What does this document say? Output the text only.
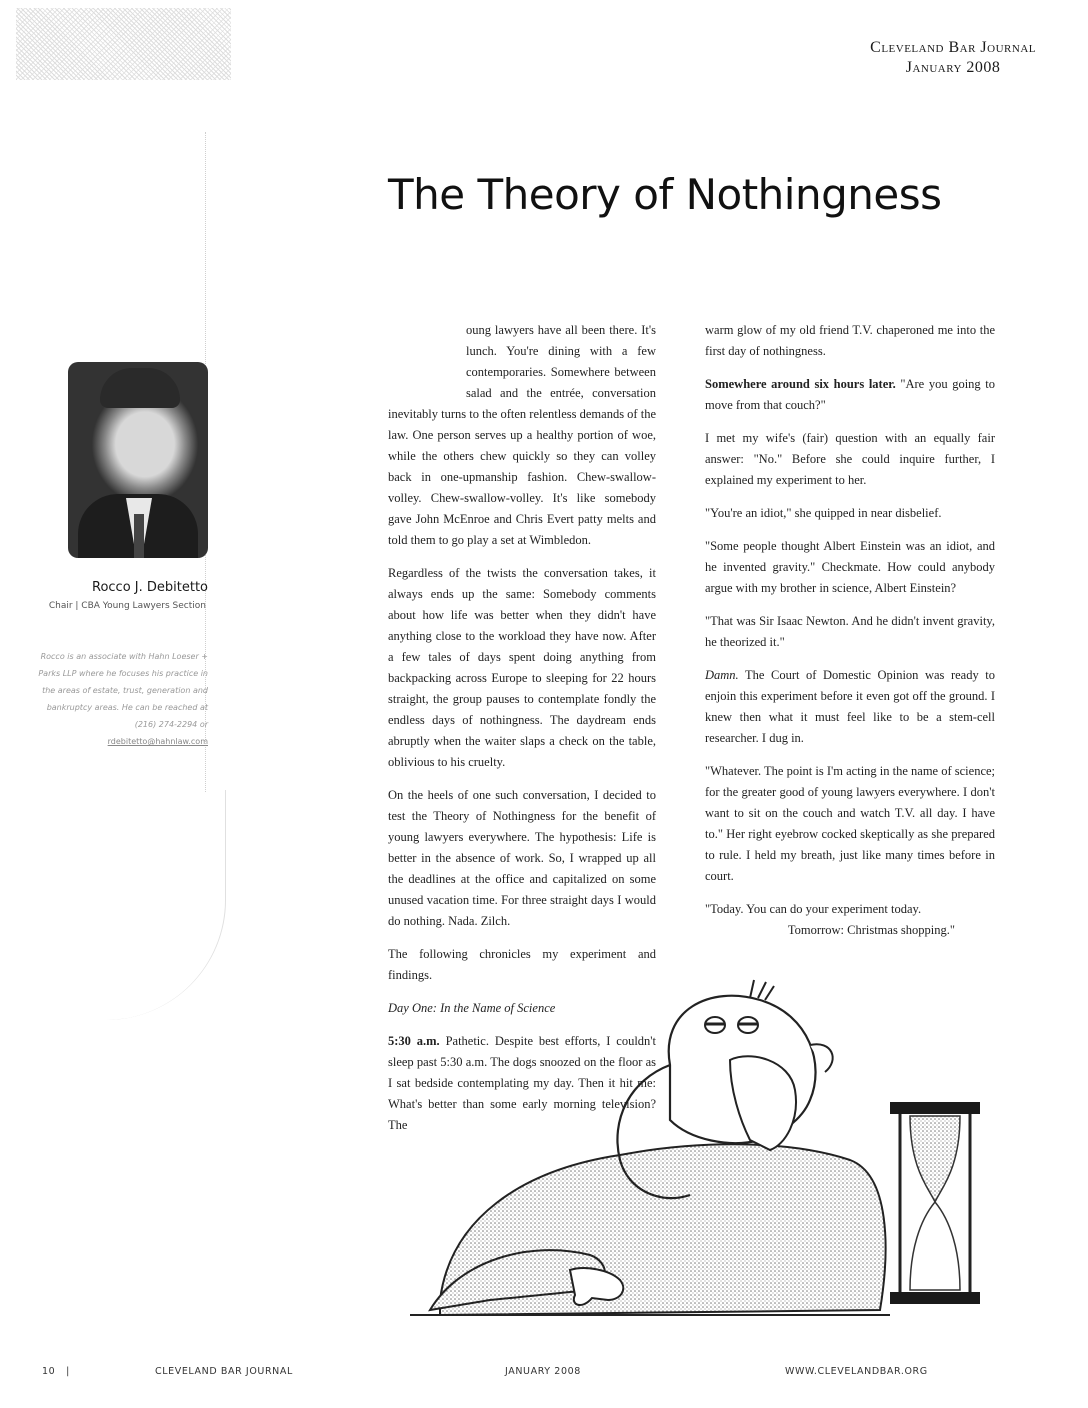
Cleveland Bar Journal
January 2008
The Theory of Nothingness
Rocco J. Debitetto
Chair | CBA Young Lawyers Section
Rocco is an associate with Hahn Loeser + Parks LLP where he focuses his practice in the areas of estate, trust, generation and bankruptcy areas. He can be reached at (216) 274-2294 or rdebitetto@hahnlaw.com

oung lawyers have all been there. It's lunch. You're dining with a few contemporaries. Somewhere between salad and the entrée, conversation inevitably turns to the often relentless demands of the law. One person serves up a healthy portion of woe, while the others chew quickly so they can volley back in one-upmanship fashion. Chew-swallow-volley. Chew-swallow-volley. It's like somebody gave John McEnroe and Chris Evert patty melts and told them to go play a set at Wimbledon.

Regardless of the twists the conversation takes, it always ends up the same: Somebody comments about how life was better when they didn't have anything close to the workload they have now. After a few tales of days spent doing anything from backpacking across Europe to sleeping for 22 hours straight, the group pauses to contemplate fondly the endless days of nothingness. The daydream ends abruptly when the waiter slaps a check on the table, oblivious to his cruelty.

On the heels of one such conversation, I decided to test the Theory of Nothingness for the benefit of young lawyers everywhere. The hypothesis: Life is better in the absence of work. So, I wrapped up all the deadlines at the office and capitalized on some unused vacation time. For three straight days I would do nothing. Nada. Zilch.

The following chronicles my experiment and findings.

Day One: In the Name of Science

5:30 a.m. Pathetic. Despite best efforts, I couldn't sleep past 5:30 a.m. The dogs snoozed on the floor as I sat bedside contemplating my day. Then it hit me: What's better than some early morning television? The

warm glow of my old friend T.V. chaperoned me into the first day of nothingness.

Somewhere around six hours later. "Are you going to move from that couch?"

I met my wife's (fair) question with an equally fair answer: "No." Before she could inquire further, I explained my experiment to her.

"You're an idiot," she quipped in near disbelief.

"Some people thought Albert Einstein was an idiot, and he invented gravity." Checkmate. How could anybody argue with my brother in science, Albert Einstein?

"That was Sir Isaac Newton. And he didn't invent gravity, he theorized it."

Damn. The Court of Domestic Opinion was ready to enjoin this experiment before it even got off the ground. I knew then what it must feel like to be a stem-cell researcher. I dug in.

"Whatever. The point is I'm acting in the name of science; for the greater good of young lawyers everywhere. I don't want to sit on the couch and watch T.V. all day. I have to." Her right eyebrow cocked skeptically as she prepared to rule. I held my breath, just like many times before in court.

"Today. You can do your experiment today.

Tomorrow: Christmas shopping."

10   |	CLEVELAND BAR JOURNAL	JANUARY 2008	WWW.CLEVELANDBAR.ORG
